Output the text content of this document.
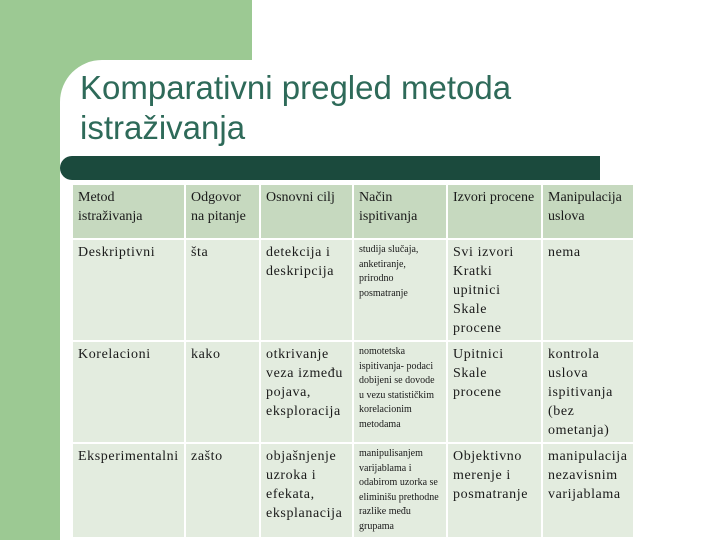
Komparativni pregled metoda istraživanja
Metod istraživanja	Odgovor na pitanje	Osnovni cilj	Način ispitivanja	Izvori procene	Manipulacija uslova
Deskriptivni	šta	detekcija i deskripcija	studija slučaja, anketiranje, prirodno posmatranje	Svi izvori Kratki upitnici Skale procene	nema
Korelacioni	kako	otkrivanje veza između pojava, eksploracija	nomotetska ispitivanja- podaci dobijeni se dovode u vezu statističkim korelacionim metodama	Upitnici Skale procene	kontrola uslova ispitivanja (bez ometanja)
Eksperimentalni	zašto	objašnjenje uzroka i efekata, eksplanacija	manipulisanjem varijablama i odabirom uzorka se eliminišu prethodne razlike među grupama	Objektivno merenje i posmatranje	manipulacija nezavisnim varijablama
